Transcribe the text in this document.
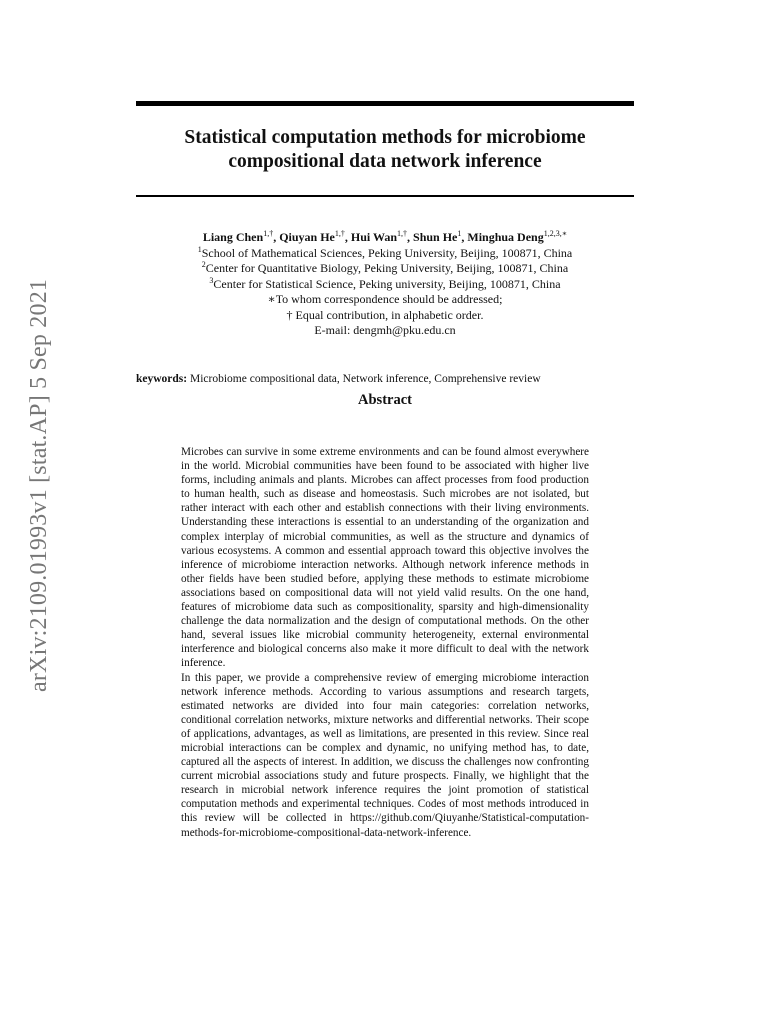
arXiv:2109.01993v1 [stat.AP] 5 Sep 2021
Statistical computation methods for microbiome
compositional data network inference
Liang Chen$^{1,\dagger}$, Qiuyan $He^{1,\dagger}$, Hui Wan$^{1,\dagger}$, Shun He$^1$, Minghua Deng$^{1,2,3,∗}$
$^1$School of Mathematical Sciences, Peking University, Beijing, 100871, China
$^2$Center for Quantitative Biology, Peking University, Beijing, 100871, China
$^3$Center for Statistical Science, Peking university, Beijing, 100871, China
∗To whom correspondence should be addressed;
† Equal contribution, in alphabetic order.
E-mail: dengmh@pku.edu.cn
keywords: Microbiome compositional data, Network inference, Comprehensive review
Abstract

Microbes can survive in some extreme environments and can be found almost everywhere in the world. Microbial communities have been found to be associated with higher live forms, including animals and plants. Microbes can affect processes from food production to human health, such as disease and homeostasis. Such microbes are not isolated, but rather interact with each other and establish connections with their living environments. Understanding these interactions is essential to an understanding of the organization and complex interplay of microbial communities, as well as the structure and dynamics of various ecosystems. A common and essential approach toward this objective involves the inference of microbiome interaction networks. Although network inference methods in other fields have been studied before, applying these methods to estimate microbiome associations based on compositional data will not yield valid results. On the one hand, features of microbiome data such as compositionality, sparsity and high-dimensionality challenge the data normalization and the design of computational methods. On the other hand, several issues like microbial community heterogeneity, external environmental interference and biological concerns also make it more difficult to deal with the network inference.

In this paper, we provide a comprehensive review of emerging microbiome interaction network inference methods. According to various assumptions and research targets, estimated networks are divided into four main categories: correlation networks, conditional correlation networks, mixture networks and differential networks. Their scope of applications, advantages, as well as limitations, are presented in this review. Since real microbial interactions can be complex and dynamic, no unifying method has, to date, captured all the aspects of interest. In addition, we discuss the challenges now confronting current microbial associations study and future prospects. Finally, we highlight that the research in microbial network inference requires the joint promotion of statistical computation methods and experimental techniques. Codes of most methods introduced in this review will be collected in https://github.com/Qiuyanhe/Statistical-computation-methods-for-microbiome-compositional-data-network-inference.
